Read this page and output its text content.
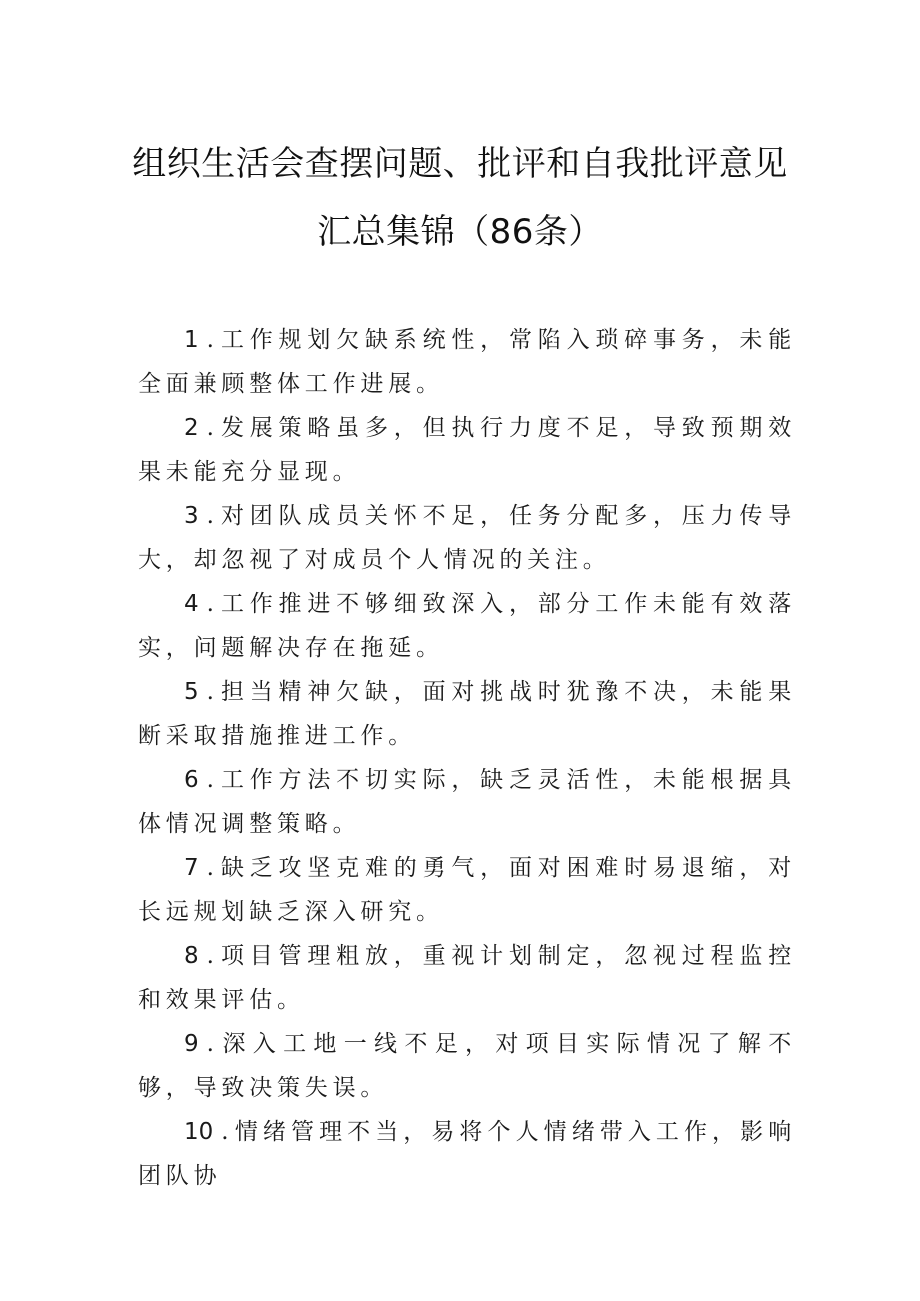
组织生活会查摆问题、批评和自我批评意见
汇总集锦（86条）

1 . 工作规划欠缺系统性，常陷入琐碎事务，未能全面兼顾整体工作进展。

2 . 发展策略虽多，但执行力度不足，导致预期效果未能充分显现。

3 . 对团队成员关怀不足，任务分配多，压力传导大，却忽视了对成员个人情况的关注。

4 . 工作推进不够细致深入，部分工作未能有效落实，问题解决存在拖延。

5 . 担当精神欠缺，面对挑战时犹豫不决，未能果断采取措施推进工作。

6 . 工作方法不切实际，缺乏灵活性，未能根据具体情况调整策略。

7 . 缺乏攻坚克难的勇气，面对困难时易退缩，对长远规划缺乏深入研究。

8 . 项目管理粗放，重视计划制定，忽视过程监控和效果评估。

9 . 深入工地一线不足，对项目实际情况了解不够，导致决策失误。

10 . 情绪管理不当，易将个人情绪带入工作，影响团队协
